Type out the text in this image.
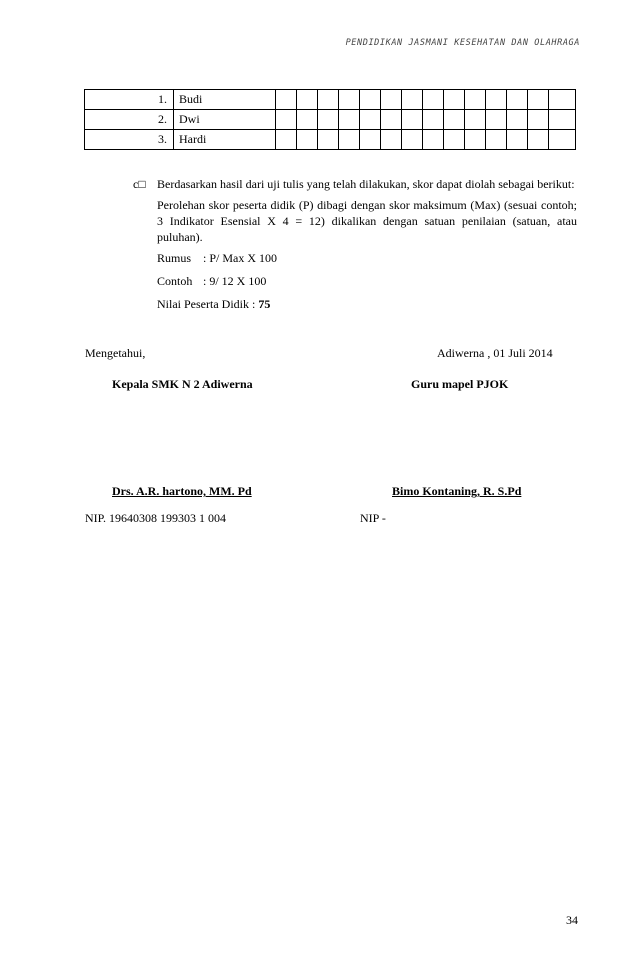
PENDIDIKAN JASMANI KESEHATAN DAN OLAHRAGA
	1.	Budi														
	2.	Dwi														
	3.	Hardi														
c□ Berdasarkan hasil dari uji tulis yang telah dilakukan, skor dapat diolah sebagai berikut:

Perolehan skor peserta didik (P) dibagi dengan skor maksimum (Max) (sesuai contoh; 3 Indikator Esensial X 4 = 12) dikalikan dengan satuan penilaian (satuan, atau puluhan).

Rumus : P/ Max X 100

Contoh : 9/ 12 X 100

Nilai Peserta Didik : 75

Mengetahui,	Adiwerna , 01 Juli 2014
Kepala SMK N 2 Adiwerna	Guru mapel PJOK
Drs. A.R. hartono, MM. Pd	Bimo Kontaning, R. S.Pd
NIP. 19640308 199303 1 004	NIP -
34
